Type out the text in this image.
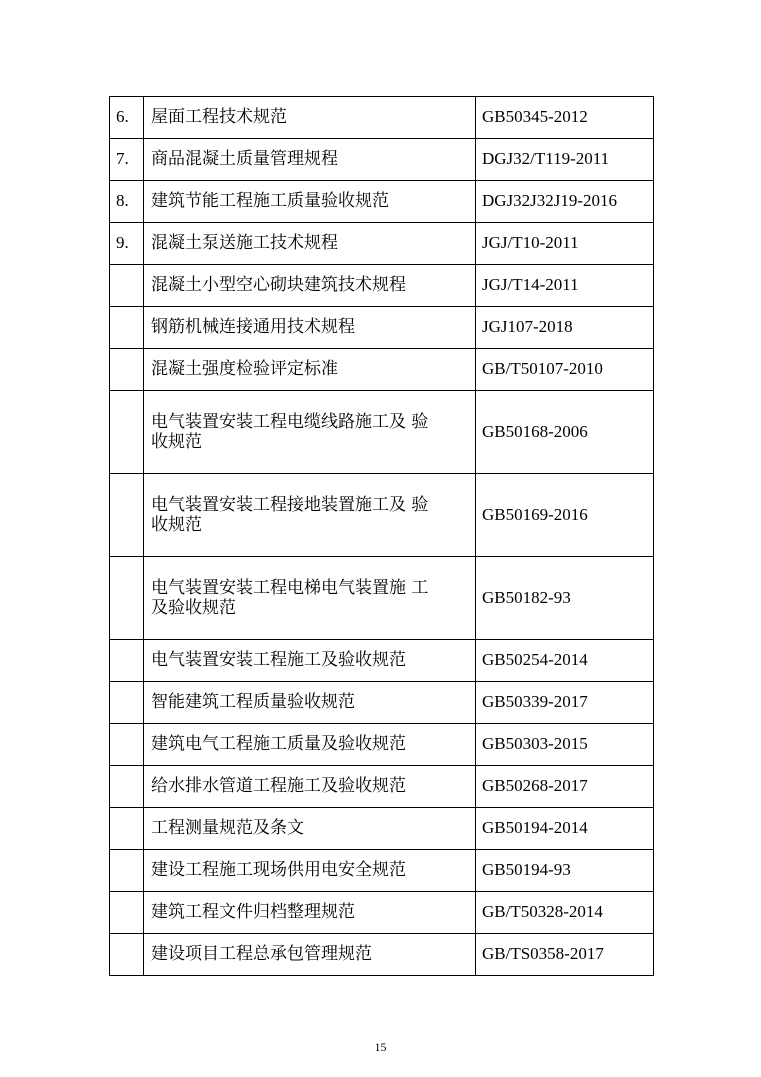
6.	屋面工程技术规范	GB50345-2012
7.	商品混凝土质量管理规程	DGJ32/T119-2011
8.	建筑节能工程施工质量验收规范	DGJ32J32J19-2016
9.	混凝土泵送施工技术规程	JGJ/T10-2011
	混凝土小型空心砌块建筑技术规程	JGJ/T14-2011
	钢筋机械连接通用技术规程	JGJ107-2018
	混凝土强度检验评定标准	GB/T50107-2010

	电气装置安装工程电缆线路施工及 验
收规范	GB50168-2006

	电气装置安装工程接地装置施工及 验
收规范	GB50169-2016

	电气装置安装工程电梯电气装置施 工
及验收规范	GB50182-93
	电气装置安装工程施工及验收规范	GB50254-2014
	智能建筑工程质量验收规范	GB50339-2017
	建筑电气工程施工质量及验收规范	GB50303-2015
	给水排水管道工程施工及验收规范	GB50268-2017
	工程测量规范及条文	GB50194-2014
	建设工程施工现场供用电安全规范	GB50194-93
	建筑工程文件归档整理规范	GB/T50328-2014
	建设项目工程总承包管理规范	GB/TS0358-2017
15
